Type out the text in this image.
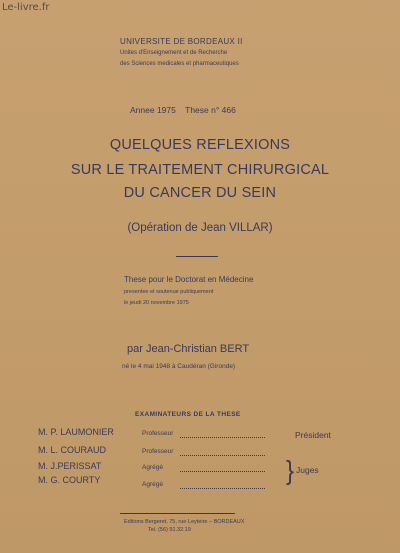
Le-livre.fr
UNIVERSITE DE BORDEAUX II
Unites d'Enseignement et de Recherche
des Sciences medicales et pharmaceutiques
Annee 1975    These n° 466
QUELQUES REFLEXIONS
SUR LE TRAITEMENT CHIRURGICAL
DU CANCER DU SEIN
(Opération de Jean VILLAR)
These pour le Doctorat en Médecine
presentee et soutenue publiquement
le jeudi 20 novembre 1975
par Jean-Christian BERT
né le 4 mai 1948 à Caudéran (Gironde)
EXAMINATEURS DE LA THESE
M. P. LAUMONIER	Professeur
M. L. COURAUD	Professeur
M. J.PERISSAT	Agrégé
M. G. COURTY	Agrégé
Président
} Juges
Editions Bergeret, 75, rue Leyteire – BORDEAUX
Tel. (56) 91.32.19
